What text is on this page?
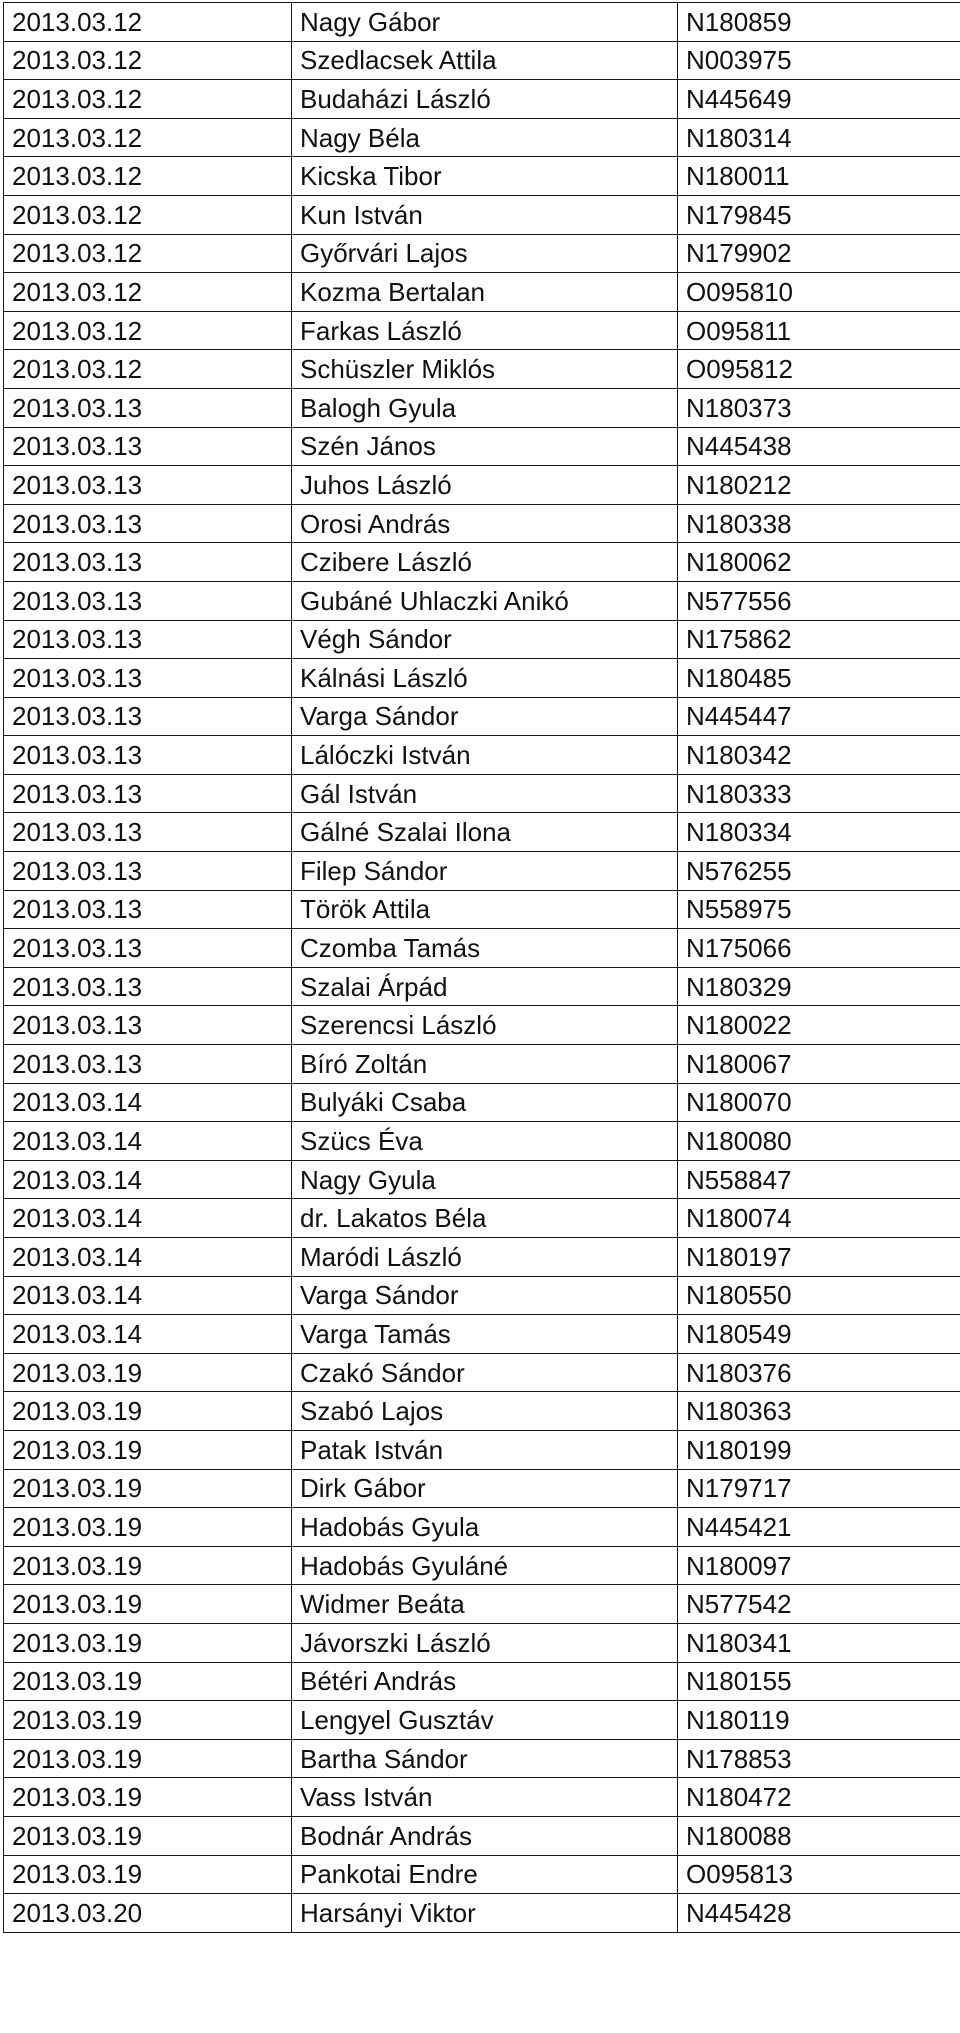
2013.03.12	Nagy Gábor	N180859
2013.03.12	Szedlacsek Attila	N003975
2013.03.12	Budaházi László	N445649
2013.03.12	Nagy Béla	N180314
2013.03.12	Kicska Tibor	N180011
2013.03.12	Kun István	N179845
2013.03.12	Győrvári Lajos	N179902
2013.03.12	Kozma Bertalan	O095810
2013.03.12	Farkas László	O095811
2013.03.12	Schüszler Miklós	O095812
2013.03.13	Balogh Gyula	N180373
2013.03.13	Szén János	N445438
2013.03.13	Juhos László	N180212
2013.03.13	Orosi András	N180338
2013.03.13	Czibere László	N180062
2013.03.13	Gubáné Uhlaczki Anikó	N577556
2013.03.13	Végh Sándor	N175862
2013.03.13	Kálnási László	N180485
2013.03.13	Varga Sándor	N445447
2013.03.13	Lálóczki István	N180342
2013.03.13	Gál István	N180333
2013.03.13	Gálné Szalai Ilona	N180334
2013.03.13	Filep Sándor	N576255
2013.03.13	Török Attila	N558975
2013.03.13	Czomba Tamás	N175066
2013.03.13	Szalai Árpád	N180329
2013.03.13	Szerencsi László	N180022
2013.03.13	Bíró Zoltán	N180067
2013.03.14	Bulyáki Csaba	N180070
2013.03.14	Szücs Éva	N180080
2013.03.14	Nagy Gyula	N558847
2013.03.14	dr. Lakatos Béla	N180074
2013.03.14	Maródi László	N180197
2013.03.14	Varga Sándor	N180550
2013.03.14	Varga Tamás	N180549
2013.03.19	Czakó Sándor	N180376
2013.03.19	Szabó Lajos	N180363
2013.03.19	Patak István	N180199
2013.03.19	Dirk Gábor	N179717
2013.03.19	Hadobás Gyula	N445421
2013.03.19	Hadobás Gyuláné	N180097
2013.03.19	Widmer Beáta	N577542
2013.03.19	Jávorszki László	N180341
2013.03.19	Bétéri András	N180155
2013.03.19	Lengyel Gusztáv	N180119
2013.03.19	Bartha Sándor	N178853
2013.03.19	Vass István	N180472
2013.03.19	Bodnár András	N180088
2013.03.19	Pankotai Endre	O095813
2013.03.20	Harsányi Viktor	N445428
